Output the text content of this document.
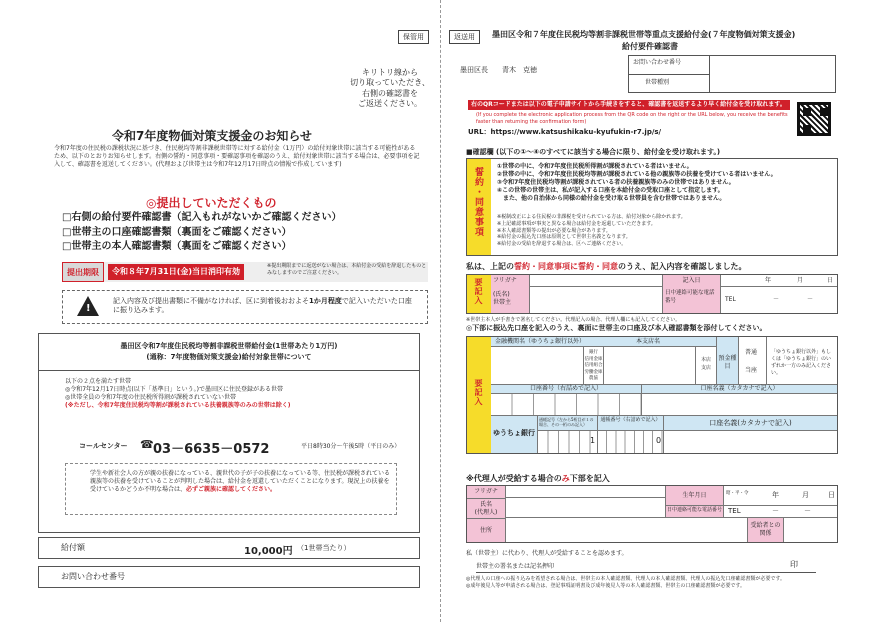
保管用
キリトリ線から
切り取っていただき、
右側の確認書を
ご返送ください。
令和7年度物価対策支援金のお知らせ
令和7年度の住民税の課税状況に基づき、住民税均等割非課税世帯等に対する給付金（1万円）の給付対象世帯に該当する可能性があるため、以下のとおりお知らせします。右側の誓約・同意事項・要確認事項を確認のうえ、給付対象世帯に該当する場合は、必要事項を記入して、確認書を返送してください。(代理および世帯主は令和7年12月17日時点の情報で作成しています)
◎提出していただくもの
□右側の給付要件確認書（記入もれがないかご確認ください）
□世帯主の口座確認書類（裏面をご確認ください）
□世帯主の本人確認書類（裏面をご確認ください）
提出期限	令和８年7月31日(金)当日消印有効
※提出期限までに返送がない場合は、本給付金の受給を辞退したものとみなしますのでご注意ください。
!
記入内容及び提出書類に不備がなければ、区に到着後おおよそ1か月程度で記入いただいた口座に振り込みます。
墨田区令和7年度住民税均等割非課税世帯給付金(1世帯あたり1万円)
(通称：7年度物価対策支援金)給付対象世帯について
以下の２点を満たす世帯
◎令和7年12月17日時点(以下「基準日」という。)で墨田区に住民登録がある世帯
◎世帯全員の令和7年度の住民税所得割が課税されていない世帯
(※ただし、令和7年度住民税均等割が課税されている扶養親族等のみの世帯は除く)
コールセンター ☎ 03－6635－0572	平日8時30分～午後5時（平日のみ）
学生や新社会人の方が親の扶養になっている、親世代の子が子の扶養になっている等、住民税が課税されている親族等の扶養を受けていることが判明した場合は、給付金を返還していただくことになります。現況上の扶養を受けているかどうか不明な場合は、必ずご親族に確認してください。
給付額	10,000円 （1世帯当たり）
お問い合わせ番号
返送用	墨田区令和７年度住民税均等割非課税世帯等重点支援給付金(７年度物価対策支援金)
給付要件確認書
墨田区長　　青木　克徳
お問い合わせ番号
世帯種別
右のQRコードまたは以下の電子申請サイトから手続きをすると、確認書を返送するより早く給付金を受け取れます。
(If you complete the electronic application process from the QR code on the right or the URL below, you receive the benefits faster than returning the confirmation form)
URL：https://www.katsushikaku-kyufukin-r7.jp/s/
■確認欄 (以下の①～④のすべてに該当する場合に限り、給付金を受け取れます。)
誓約・同意事項
①世帯の中に、令和7年度住民税所得割が課税されている者はいません。
②世帯の中に、令和7年度住民税均等割が課税されている他の親族等の扶養を受けている者はいません。
③令和7年度住民税均等割が課税されている者の扶養親族等のみの世帯ではありません。
④この世帯の世帯主は、私が記入する口座を本給付金の受取口座として指定します。
　また、他の自治体から同様の給付金を受け取る世帯員を含む世帯ではありません。
※税制改正による住民税の非課税を受けられている方は、給付対象から除かれます。
※上記確認事項が事実と異なる場合は給付金を返還していただきます。
※本人確認書類等の提出が必要な場合があります。
※給付金の振込先口座は原則として世帯主名義となります。
※給付金の受給を辞退する場合は、区へご連絡ください。
私は、上記の誓約・同意事項に誓約・同意のうえ、記入内容を確認しました。
要記入	フリガナ
(氏名)
世帯主
記入日
日中連絡可能な電話番号
年	月	日
TEL	－	－
※世帯主本人が手書きで署名してください。代理記入の場合、代理人欄にも記入してください。
◎下部に振込先口座を記入のうえ、裏面に世帯主の口座及び本人確認書類を添付してください。
要記入
金融機関名（ゆうちょ銀行以外）	本支店名
銀行
信用金庫
信用組合
労働金庫
農協
本店
支店
預金種目
普通
当座
「ゆうちょ銀行以外」もしくは「ゆうちょ銀行」のいずれか一方のみ記入ください。
口座番号（右詰めで記入）	口座名義（カタカナで記入）
ゆうちょ銀行
通帳記号（左から5桁目が１の場合、その一桁のみ記入）
通帳番号（右詰めで記入）	口座名義(カタカナで記入)
1	0
※代理人が受給する場合のみ下部を記入
フリガナ
氏名
(代理人)
住所
生年月日
日中連絡可能な電話番号
昭・平・令	年	月	日
TEL	－	－
受給者との関係
私（世帯主）に代わり、代理人が受給することを認めます。
世帯主の署名または記名押印	印
◎代理人の口座への振り込みを希望される場合は、世帯主の本人確認書類、代理人の本人確認書類、代理人の振込先口座確認書類が必要です。
◎成年後見人等が申請される場合は、登記事項証明書及び成年後見人等の本人確認書類、世帯主の口座確認書類が必要です。
